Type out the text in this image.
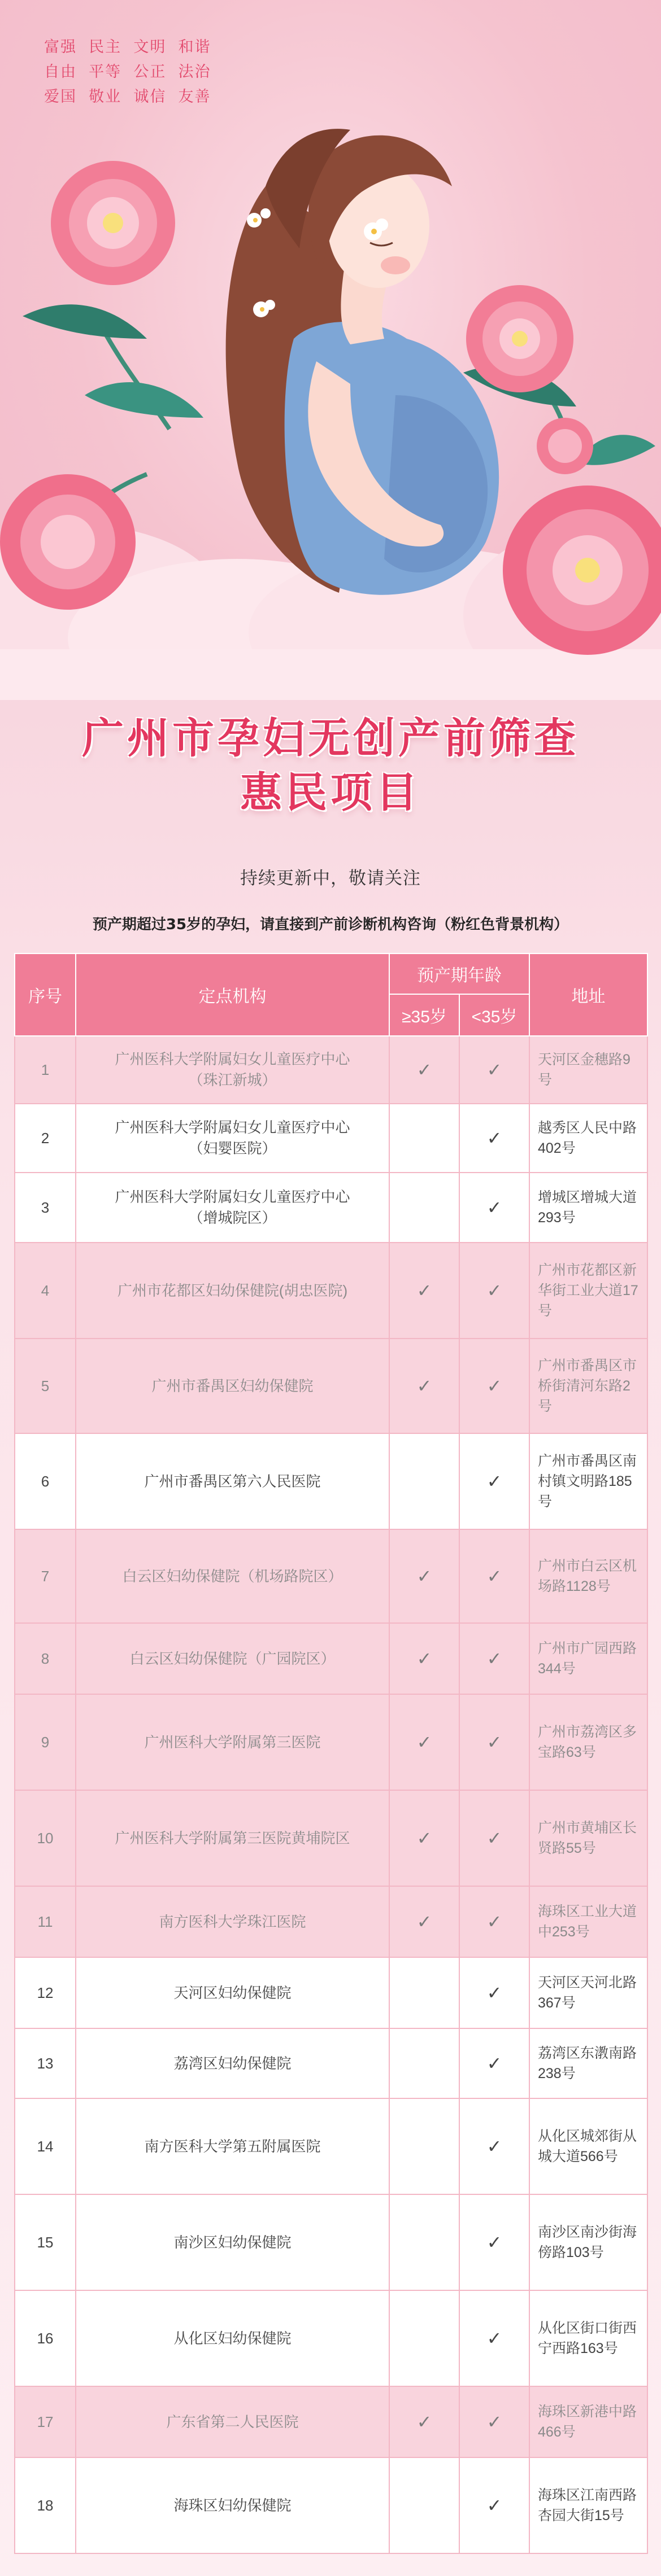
富强  民主  文明  和谐
自由  平等  公正  法治
爱国  敬业  诚信  友善
广州市孕妇无创产前筛查
惠民项目
持续更新中，敬请关注
预产期超过35岁的孕妇，请直接到产前诊断机构咨询（粉红色背景机构）
序号	定点机构	预产期年龄		地址
		≥35岁	<35岁	
1	广州医科大学附属妇女儿童医疗中心
（珠江新城）	✓	✓	天河区金穗路9号
2	广州医科大学附属妇女儿童医疗中心
（妇婴医院）		✓	越秀区人民中路402号
3	广州医科大学附属妇女儿童医疗中心
（增城院区）		✓	增城区增城大道293号
4	广州市花都区妇幼保健院(胡忠医院)	✓	✓	广州市花都区新华街工业大道17号
5	广州市番禺区妇幼保健院	✓	✓	广州市番禺区市桥街清河东路2号
6	广州市番禺区第六人民医院		✓	广州市番禺区南村镇文明路185号
7	白云区妇幼保健院（机场路院区）	✓	✓	广州市白云区机场路1128号
8	白云区妇幼保健院（广园院区）	✓	✓	广州市广园西路344号
9	广州医科大学附属第三医院	✓	✓	广州市荔湾区多宝路63号
10	广州医科大学附属第三医院黄埔院区	✓	✓	广州市黄埔区长贤路55号
11	南方医科大学珠江医院	✓	✓	海珠区工业大道中253号
12	天河区妇幼保健院		✓	天河区天河北路367号
13	荔湾区妇幼保健院		✓	荔湾区东漖南路238号
14	南方医科大学第五附属医院		✓	从化区城郊街从城大道566号
15	南沙区妇幼保健院		✓	南沙区南沙街海傍路103号
16	从化区妇幼保健院		✓	从化区街口街西宁西路163号
17	广东省第二人民医院	✓	✓	海珠区新港中路466号
18	海珠区妇幼保健院		✓	海珠区江南西路杏园大街15号
